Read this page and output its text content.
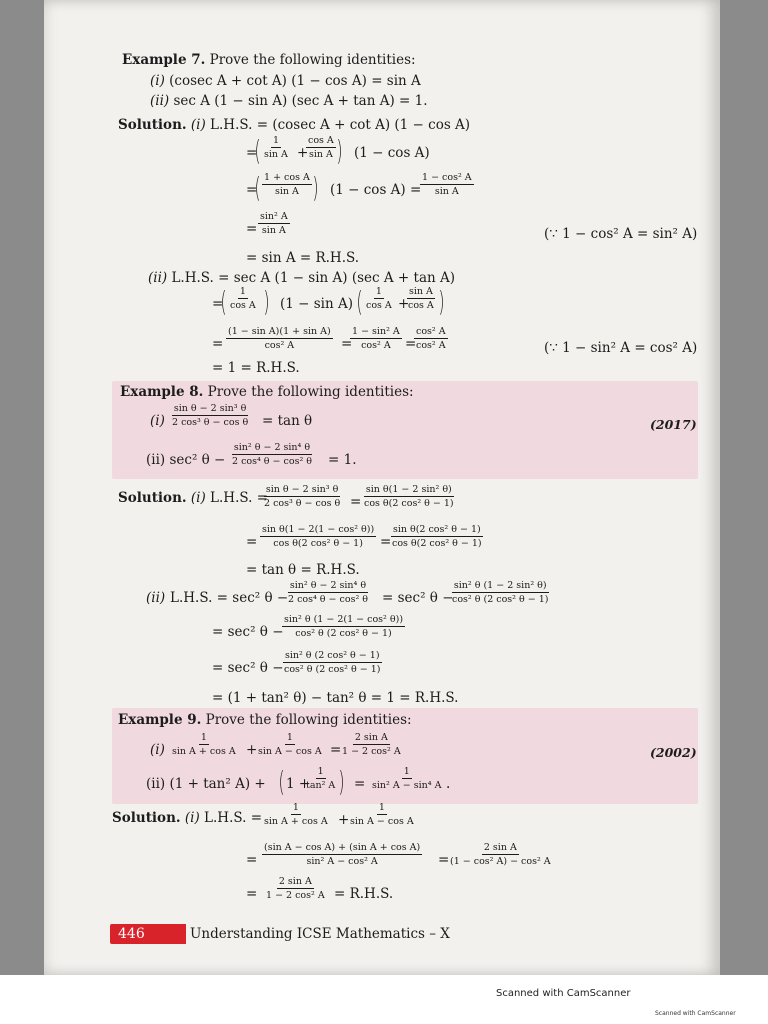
Example 7. Prove the following identities:
(i) (cosec A + cot A) (1 − cos A) = sin A
(ii) sec A (1 − sin A) (sec A + tan A) = 1.
Solution. (i) L.H.S. = (cosec A + cot A) (1 − cos A)
=
( 1
sin A +
cos A
sin A ) (1 − cos A)
=
( 1 + cos A
sin A ) (1 − cos A) =
1 − cos² A
sin A
=
sin² A
sin A	(∵ 1 − cos² A = sin² A)
= sin A = R.H.S.
(ii) L.H.S. = sec A (1 − sin A) (sec A + tan A)
=
( 1
cos A ) (1 − sin A) ( 1
cos A +
sin A
cos A )
=
(1 − sin A)(1 + sin A)
cos² A	=
1 − sin² A
cos² A =
cos² A
cos² A	(∵ 1 − sin² A = cos² A)
= 1 = R.H.S.
Example 8. Prove the following identities:
(i)
sin θ − 2 sin³ θ
2 cos³ θ − cos θ = tan θ	(2017)
(ii) sec² θ −
sin² θ − 2 sin⁴ θ
2 cos⁴ θ − cos² θ = 1.
Solution. (i) L.H.S. =
sin θ − 2 sin³ θ
2 cos³ θ − cos θ =
sin θ(1 − 2 sin² θ)
cos θ(2 cos² θ − 1)
=
sin θ(1 − 2(1 − cos² θ))
cos θ(2 cos² θ − 1) =
sin θ(2 cos² θ − 1)
cos θ(2 cos² θ − 1)
= tan θ = R.H.S.
(ii) L.H.S. = sec² θ −
sin² θ − 2 sin⁴ θ
2 cos⁴ θ − cos² θ = sec² θ −
sin² θ (1 − 2 sin² θ)
cos² θ (2 cos² θ − 1)
= sec² θ −
sin² θ (1 − 2(1 − cos² θ))
cos² θ (2 cos² θ − 1)
= sec² θ −
sin² θ (2 cos² θ − 1)
cos² θ (2 cos² θ − 1)
= (1 + tan² θ) − tan² θ = 1 = R.H.S.
Example 9. Prove the following identities:
(i)
1
sin A + cos A +
1
sin A − cos A =
2 sin A
1 − 2 cos² A	(2002)
(ii) (1 + tan² A) + ( 1 +
1
tan² A ) =
1
sin² A − sin⁴ A .
Solution. (i) L.H.S. =
1
sin A + cos A +
1
sin A − cos A
=
(sin A − cos A) + (sin A + cos A)
sin² A − cos² A	=
2 sin A
(1 − cos² A) − cos² A
=
2 sin A
1 − 2 cos² A = R.H.S.
446	Understanding ICSE Mathematics – X
Scanned with CamScanner
Scanned with CamScanner
